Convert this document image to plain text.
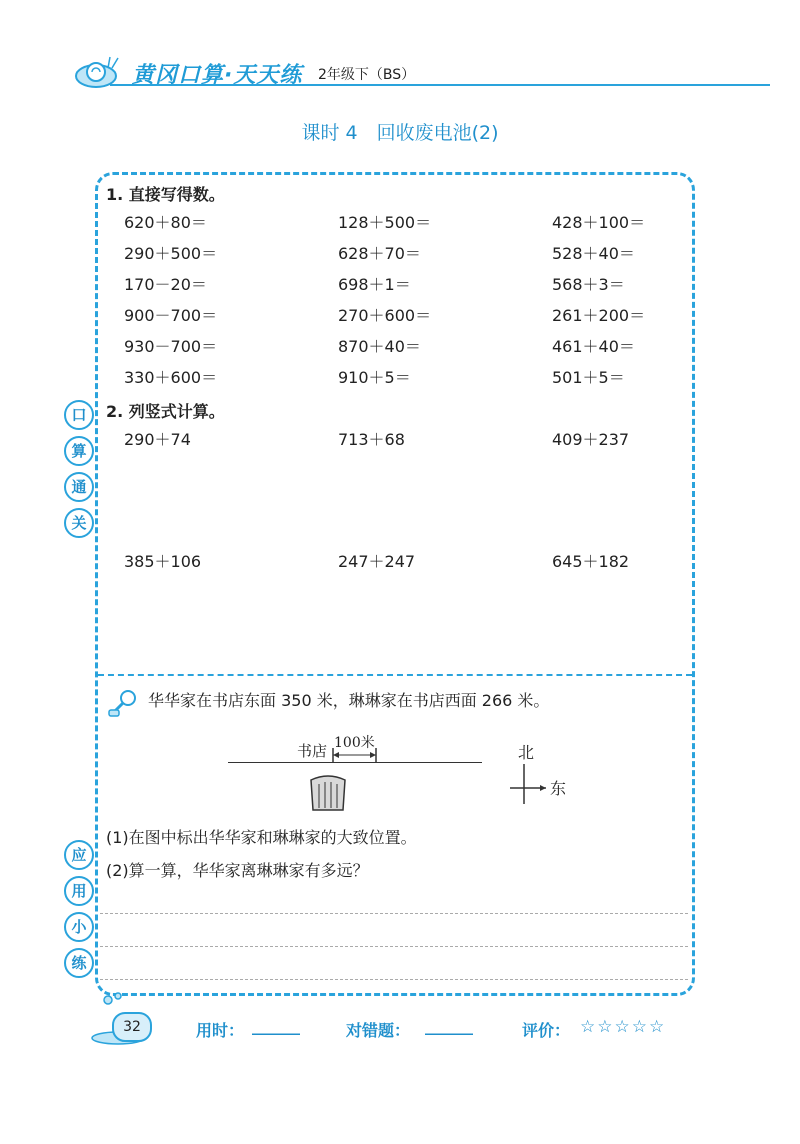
黄冈口算·天天练 2年级下（BS）
课时 4　回收废电池(2)
口
算
通
关
应
用
小
练
1. 直接写得数。
620＋80＝	128＋500＝	428＋100＝
290＋500＝	628＋70＝	528＋40＝
170－20＝	698＋1＝	568＋3＝
900－700＝	270＋600＝	261＋200＝
930－700＝	870＋40＝	461＋40＝
330＋600＝	910＋5＝	501＋5＝
2. 列竖式计算。
290＋74	713＋68	409＋237
385＋106	247＋247	645＋182
华华家在书店东面 350 米，琳琳家在书店西面 266 米。
书店 100米	北
东
(1)在图中标出华华家和琳琳家的大致位置。
(2)算一算，华华家离琳琳家有多远？
32	用时： ______	对错题： ______	评价： ☆☆☆☆☆
